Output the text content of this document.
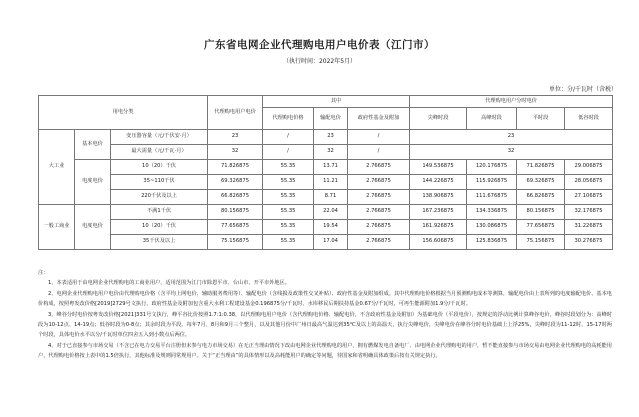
广东省电网企业代理购电用户电价表（江门市）
（执行时间：2022年5月）
单位：分/千瓦时（含税）
用电分类			代理购电用户电价	其中			代理购电用户分时电价			
				代理购电价格	输配电价	政府性基金及附加	尖峰时段	高峰时段	平时段	低谷时段
大工业	基本电价	变压器容量（元/千伏安·月）	23	/	23	/	23			
		最大需量（元/千瓦·月）	32	/	32	/	32			
	电度电价	10（20）千伏	71.826875	55.35	13.71	2.766875	149.536875	120.176875	71.826875	29.006875
		35~110千伏	69.326875	55.35	11.21	2.766875	144.226875	115.926875	69.326875	28.056875
		220千伏及以上	66.826875	55.35	8.71	2.766875	138.906875	111.676875	66.826875	27.106875
一般工商业	电度电价	不满1千伏	80.156875	55.35	22.04	2.766875	167.236875	134.336875	80.156875	32.176875
		10（20）千伏	77.656875	55.35	19.54	2.766875	161.926875	130.086875	77.656875	31.226875
		35千伏及以上	75.156875	55.35	17.04	2.766875	156.606875	125.836875	75.156875	30.276875

注：

1、本表适用于由电网企业代理购电的工商业用户，适用范围为江门市除恩平市、台山市、开平市外地区。

2、电网企业代理购电用户电价由代理购电价格（含平均上网电价、辅助服务费用等）、输配电价（含线损及政策性交叉补贴）、政府性基金及附加组成。其中代理购电价格根据当月预测购电成本等测算，输配电价由上表所列的电度输配电价、基本电价构成，按照粤发改价格[2019]2729号文执行，政府性基金及附加包含重大水利工程建设基金0.196875分/千瓦时、水库移民后期扶持基金0.67分/千瓦时，可再生能源附加1.9分/千瓦时。

3、峰谷分时电价按粤发改价格[2021]331号文执行，峰平谷比价按照1.7:1:0.38，以代理购电用户电价（含代理购电价格、输配电价，不含政府性基金及附加）为基础电价（平段电价），按规定的浮动比例计算峰谷电价，峰谷时段划分为：高峰时段为10-12点、14-19点；低谷时段为0-8点；其余时段为平段。每年7月、8月和9月三个整月，以及其他月份中广州日最高气温达到35℃及以上的高温天，执行尖峰电价，尖峰电价在峰谷分时电价基础上上浮25%，尖峰时段为11-12时、15-17时两个时段，具体电价水平以分/千瓦时单位四舍五入到小数点后两位。

4、对于已直接参与市场交易（不含已在电力交易平台注册但未参与电力市场交易）在无正当理由情况下改由电网企业代理购电的用户，拥有燃煤发电自备电厂、由电网企业代理购电的用户，暂不能直接参与市场交易由电网企业代理购电的高耗能用户，代理购电价格按上表中的1.5倍执行，其他标准及规则同常规用户。关于“正当理由”的具体情形以及高耗能用户的确定等问题，待国家和省明确具体政策后按有关规定执行。
